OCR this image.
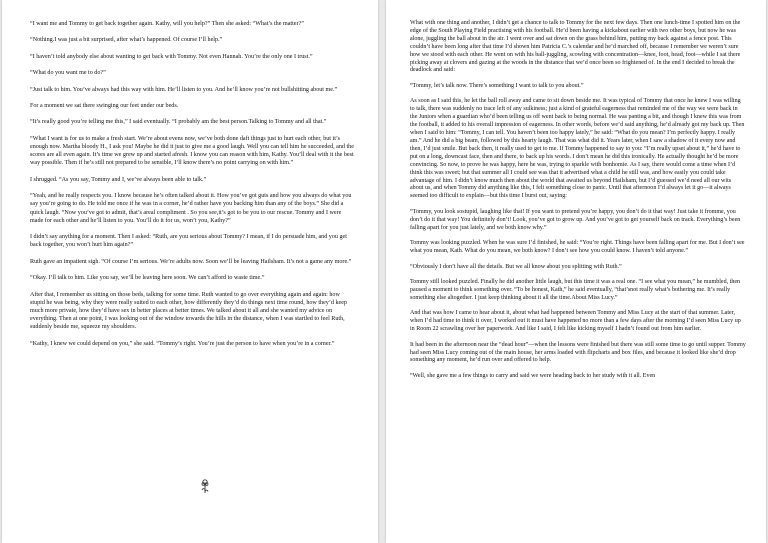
“I want me and Tommy to get back together again. Kathy, will you help?” Then she asked: “What’s the matter?”

“Nothing.I was just a bit surprised, after what’s happened. Of course I’ll help.”

“I haven’t told anybody else about wanting to get back with Tommy. Not even Hannah. You’re the only one I trust.”

“What do you want me to do?”

“Just talk to him. You’ve always had this way with him. He’ll listen to you. And he’ll know you’re not bullshitting about me.”

For a moment we sat there swinging our feet under our beds.

“It’s really good you’re telling me this,” I said eventually. “I probably am the best person.Talking to Tommy and all that.”

“What I want is for us to make a fresh start. We’re about evens now, we’ve both done daft things just to hurt each other, but it’s enough now. Martha bloody H., I ask you! Maybe he did it just to give me a good laugh. Well you can tell him he succeeded, and the scores are all even again. It’s time we grew up and started afresh. I know you can reason with him, Kathy. You’ll deal with it the best way possible. Then if he’s still not prepared to be sensible, I’ll know there’s no point carrying on with him.”

I shrugged. “As you say, Tommy and I, we’ve always been able to talk.”

“Yeah, and he really respects you. I know because he’s often talked about it. How you’ve got guts and how you always do what you say you’re going to do. He told me once if he was in a corner, he’d rather have you backing him than any of the boys.” She did a quick laugh. “Now you’ve got to admit, that’s areal compliment . So you see,it’s got to be you to our rescue. Tommy and I were made for each other and he’ll listen to you. You’ll do it for us, won’t you, Kathy?”

I didn’t say anything for a moment. Then I asked: “Ruth, are you serious about Tommy? I mean, if I do persuade him, and you get back together, you won’t hurt him again?”

Ruth gave an impatient sigh. “Of course I’m serious. We’re adults now. Soon we’ll be leaving Hailsham. It’s not a game any more.”

“Okay. I’ll talk to him. Like you say, we’ll be leaving here soon. We can’t afford to waste time.”

After that, I remember us sitting on those beds, talking for some time. Ruth wanted to go over everything again and again: how stupid he was being, why they were really suited to each other, how differently they’d do things next time round, how they’d keep much more private, how they’d have sex in better places at better times. We talked about it all and she wanted my advice on everything. Then at one point, I was looking out of the window towards the hills in the distance, when I was startled to feel Ruth, suddenly beside me, squeeze my shoulders.

“Kathy, I knew we could depend on you,” she said. “Tommy’s right. You’re just the person to have when you’re in a corner.”

What with one thing and another, I didn’t get a chance to talk to Tommy for the next few days. Then one lunch-time I spotted him on the edge of the South Playing Field practising with his football. He’d been having a kickabout earlier with two other boys, but now he was alone, juggling the ball about in the air. I went over and sat down on the grass behind him, putting my back against a fence post. This couldn’t have been long after that time I’d shown him Patricia C.’s calendar and he’d marched off, because I remember we weren’t sure how we stood with each other. He went on with his ball-juggling, scowling with concentration—knee, foot, head, foot—while I sat there picking away at clovers and gazing at the woods in the distance that we’d once been so frightened of. In the end I decided to break the deadlock and said:

“Tommy, let’s talk now. There’s something I want to talk to you about.”

As soon as I said this, he let the ball roll away and came to sit down beside me. It was typical of Tommy that once he knew I was willing to talk, there was suddenly no trace left of any sulkiness; just a kind of grateful eagerness that reminded me of the way we were back in the Juniors when a guardian who’d been telling us off went back to being normal. He was panting a bit, and though I knew this was from the football, it added to his overall impression of eagerness. In other words, before we’d said anything, he’d already got my back up. Then when I said to him: “Tommy, I can tell. You haven’t been too happy lately,” he said: “What do you mean? I’m perfectly happy. I really am.” And he did a big beam, followed by this hearty laugh. That was what did it. Years later, when I saw a shadow of it every now and then, I’d just smile. But back then, it really used to get to me. If Tommy happened to say to you: “I’m really upset about it,” he’d have to put on a long, downcast face, then and there, to back up his words. I don’t mean he did this ironically. He actually thought he’d be more convincing. So now, to prove he was happy, here he was, trying to sparkle with bonhomie. As I say, there would come a time when I’d think this was sweet; but that summer all I could see was that it advertised what a child he still was, and how easily you could take advantage of him. I didn’t know much then about the world that awaited us beyond Hailsham, but I’d guessed we’d need all our wits about us, and when Tommy did anything like this, I felt something close to panic. Until that afternoon I’d always let it go—it always seemed too difficult to explain—but this time I burst out, saying:

“Tommy, you look sostupid, laughing like that! If you want to pretend you’re happy, you don’t do it that way! Just take it fromme, you don’t do it that way! You definitely don’t! Look, you’ve got to grow up. And you’ve got to get yourself back on track. Everything’s been falling apart for you just lately, and we both know why.”

Tommy was looking puzzled. When he was sure I’d finished, he said: “You’re right. Things have been falling apart for me. But I don’t see what you mean, Kath. What do you mean, we both know? I don’t see how you could know. I haven’t told anyone.”

“Obviously I don’t have all the details. But we all know about you splitting with Ruth.”

Tommy still looked puzzled. Finally he did another little laugh, but this time it was a real one. “I see what you mean,” he mumbled, then paused a moment to think something over. “To be honest, Kath,” he said eventually, “that’snot really what’s bothering me. It’s really something else altogether. I just keep thinking about it all the time.About Miss Lucy.”

And that was how I came to hear about it, about what had happened between Tommy and Miss Lucy at the start of that summer. Later, when I’d had time to think it over, I worked out it must have happened no more than a few days after the morning I’d seen Miss Lucy up in Room 22 scrawling over her paperwork. And like I said, I felt like kicking myself I hadn’t found out from him earlier.

It had been in the afternoon near the “dead hour”—when the lessons were finished but there was still some time to go until supper. Tommy had seen Miss Lucy coming out of the main house, her arms loaded with flipcharts and box files, and because it looked like she’d drop something any moment, he’d run over and offered to help.

“Well, she gave me a few things to carry and said we were heading back to her study with it all. Even
